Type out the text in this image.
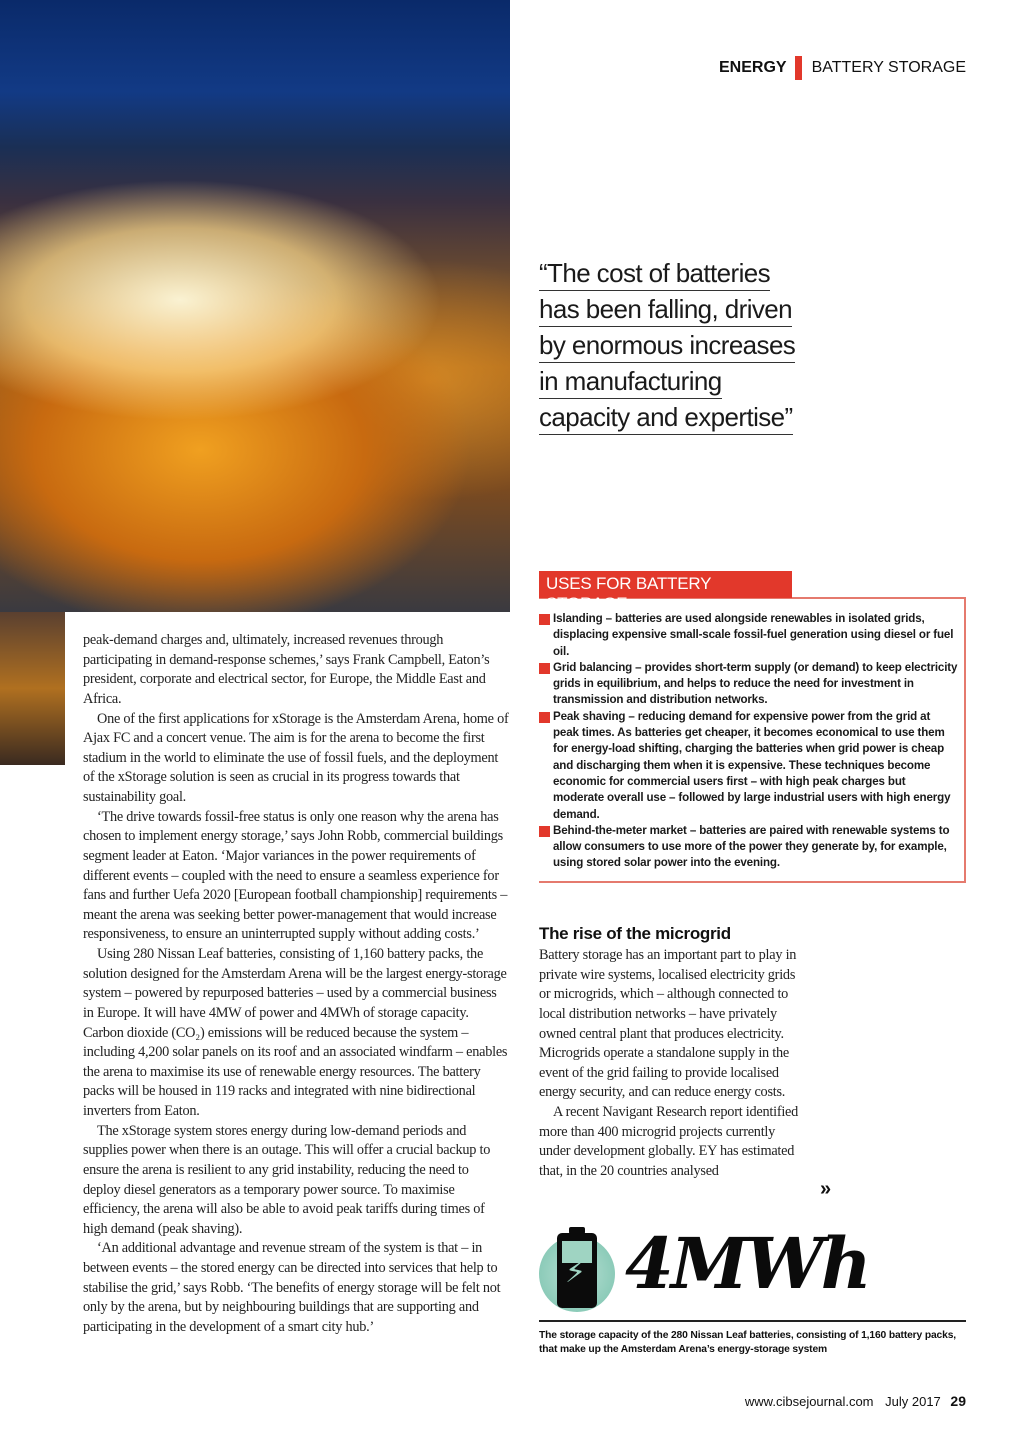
ENERGY BATTERY STORAGE
“The cost of batteries
has been falling, driven
by enormous increases
in manufacturing
capacity and expertise”

peak-demand charges and, ultimately, increased revenues through participating in demand-response schemes,’ says Frank Campbell, Eaton’s president, corporate and electrical sector, for Europe, the Middle East and Africa.

One of the first applications for xStorage is the Amsterdam Arena, home of Ajax FC and a concert venue. The aim is for the arena to become the first stadium in the world to eliminate the use of fossil fuels, and the deployment of the xStorage solution is seen as crucial in its progress towards that sustainability goal.

‘The drive towards fossil-free status is only one reason why the arena has chosen to implement energy storage,’ says John Robb, commercial buildings segment leader at Eaton. ‘Major variances in the power requirements of different events – coupled with the need to ensure a seamless experience for fans and further Uefa 2020 [European football championship] requirements – meant the arena was seeking better power-management that would increase responsiveness, to ensure an uninterrupted supply without adding costs.’

Using 280 Nissan Leaf batteries, consisting of 1,160 battery packs, the solution designed for the Amsterdam Arena will be the largest energy-storage system – powered by repurposed batteries – used by a commercial business in Europe. It will have 4MW of power and 4MWh of storage capacity. Carbon dioxide (CO₂) emissions will be reduced because the system – including 4,200 solar panels on its roof and an associated windfarm – enables the arena to maximise its use of renewable energy resources. The battery packs will be housed in 119 racks and integrated with nine bidirectional inverters from Eaton.

The xStorage system stores energy during low-demand periods and supplies power when there is an outage. This will offer a crucial backup to ensure the arena is resilient to any grid instability, reducing the need to deploy diesel generators as a temporary power source. To maximise efficiency, the arena will also be able to avoid peak tariffs during times of high demand (peak shaving).

‘An additional advantage and revenue stream of the system is that – in between events – the stored energy can be directed into services that help to stabilise the grid,’ says Robb. ‘The benefits of energy storage will be felt not only by the arena, but by neighbouring buildings that are supporting and participating in the development of a smart city hub.’

USES FOR BATTERY STORAGE
Islanding – batteries are used alongside renewables in isolated grids, displacing expensive small-scale fossil-fuel generation using diesel or fuel oil.
Grid balancing – provides short-term supply (or demand) to keep electricity grids in equilibrium, and helps to reduce the need for investment in transmission and distribution networks.
Peak shaving – reducing demand for expensive power from the grid at peak times. As batteries get cheaper, it becomes economical to use them for energy-load shifting, charging the batteries when grid power is cheap and discharging them when it is expensive. These techniques become economic for commercial users first – with high peak charges but moderate overall use – followed by large industrial users with high energy demand.
Behind-the-meter market – batteries are paired with renewable systems to allow consumers to use more of the power they generate by, for example, using stored solar power into the evening.
The rise of the microgrid

Battery storage has an important part to play in private wire systems, localised electricity grids or microgrids, which – although connected to local distribution networks – have privately owned central plant that produces electricity. Microgrids operate a standalone supply in the event of the grid failing to provide localised energy security, and can reduce energy costs.

A recent Navigant Research report identified more than 400 microgrid projects currently under development globally. EY has estimated that, in the 20 countries analysed

»
⚡ 4MWh
The storage capacity of the 280 Nissan Leaf batteries, consisting of 1,160 battery packs, that make up the Amsterdam Arena’s energy-storage system
www.cibsejournal.com July 2017 29
